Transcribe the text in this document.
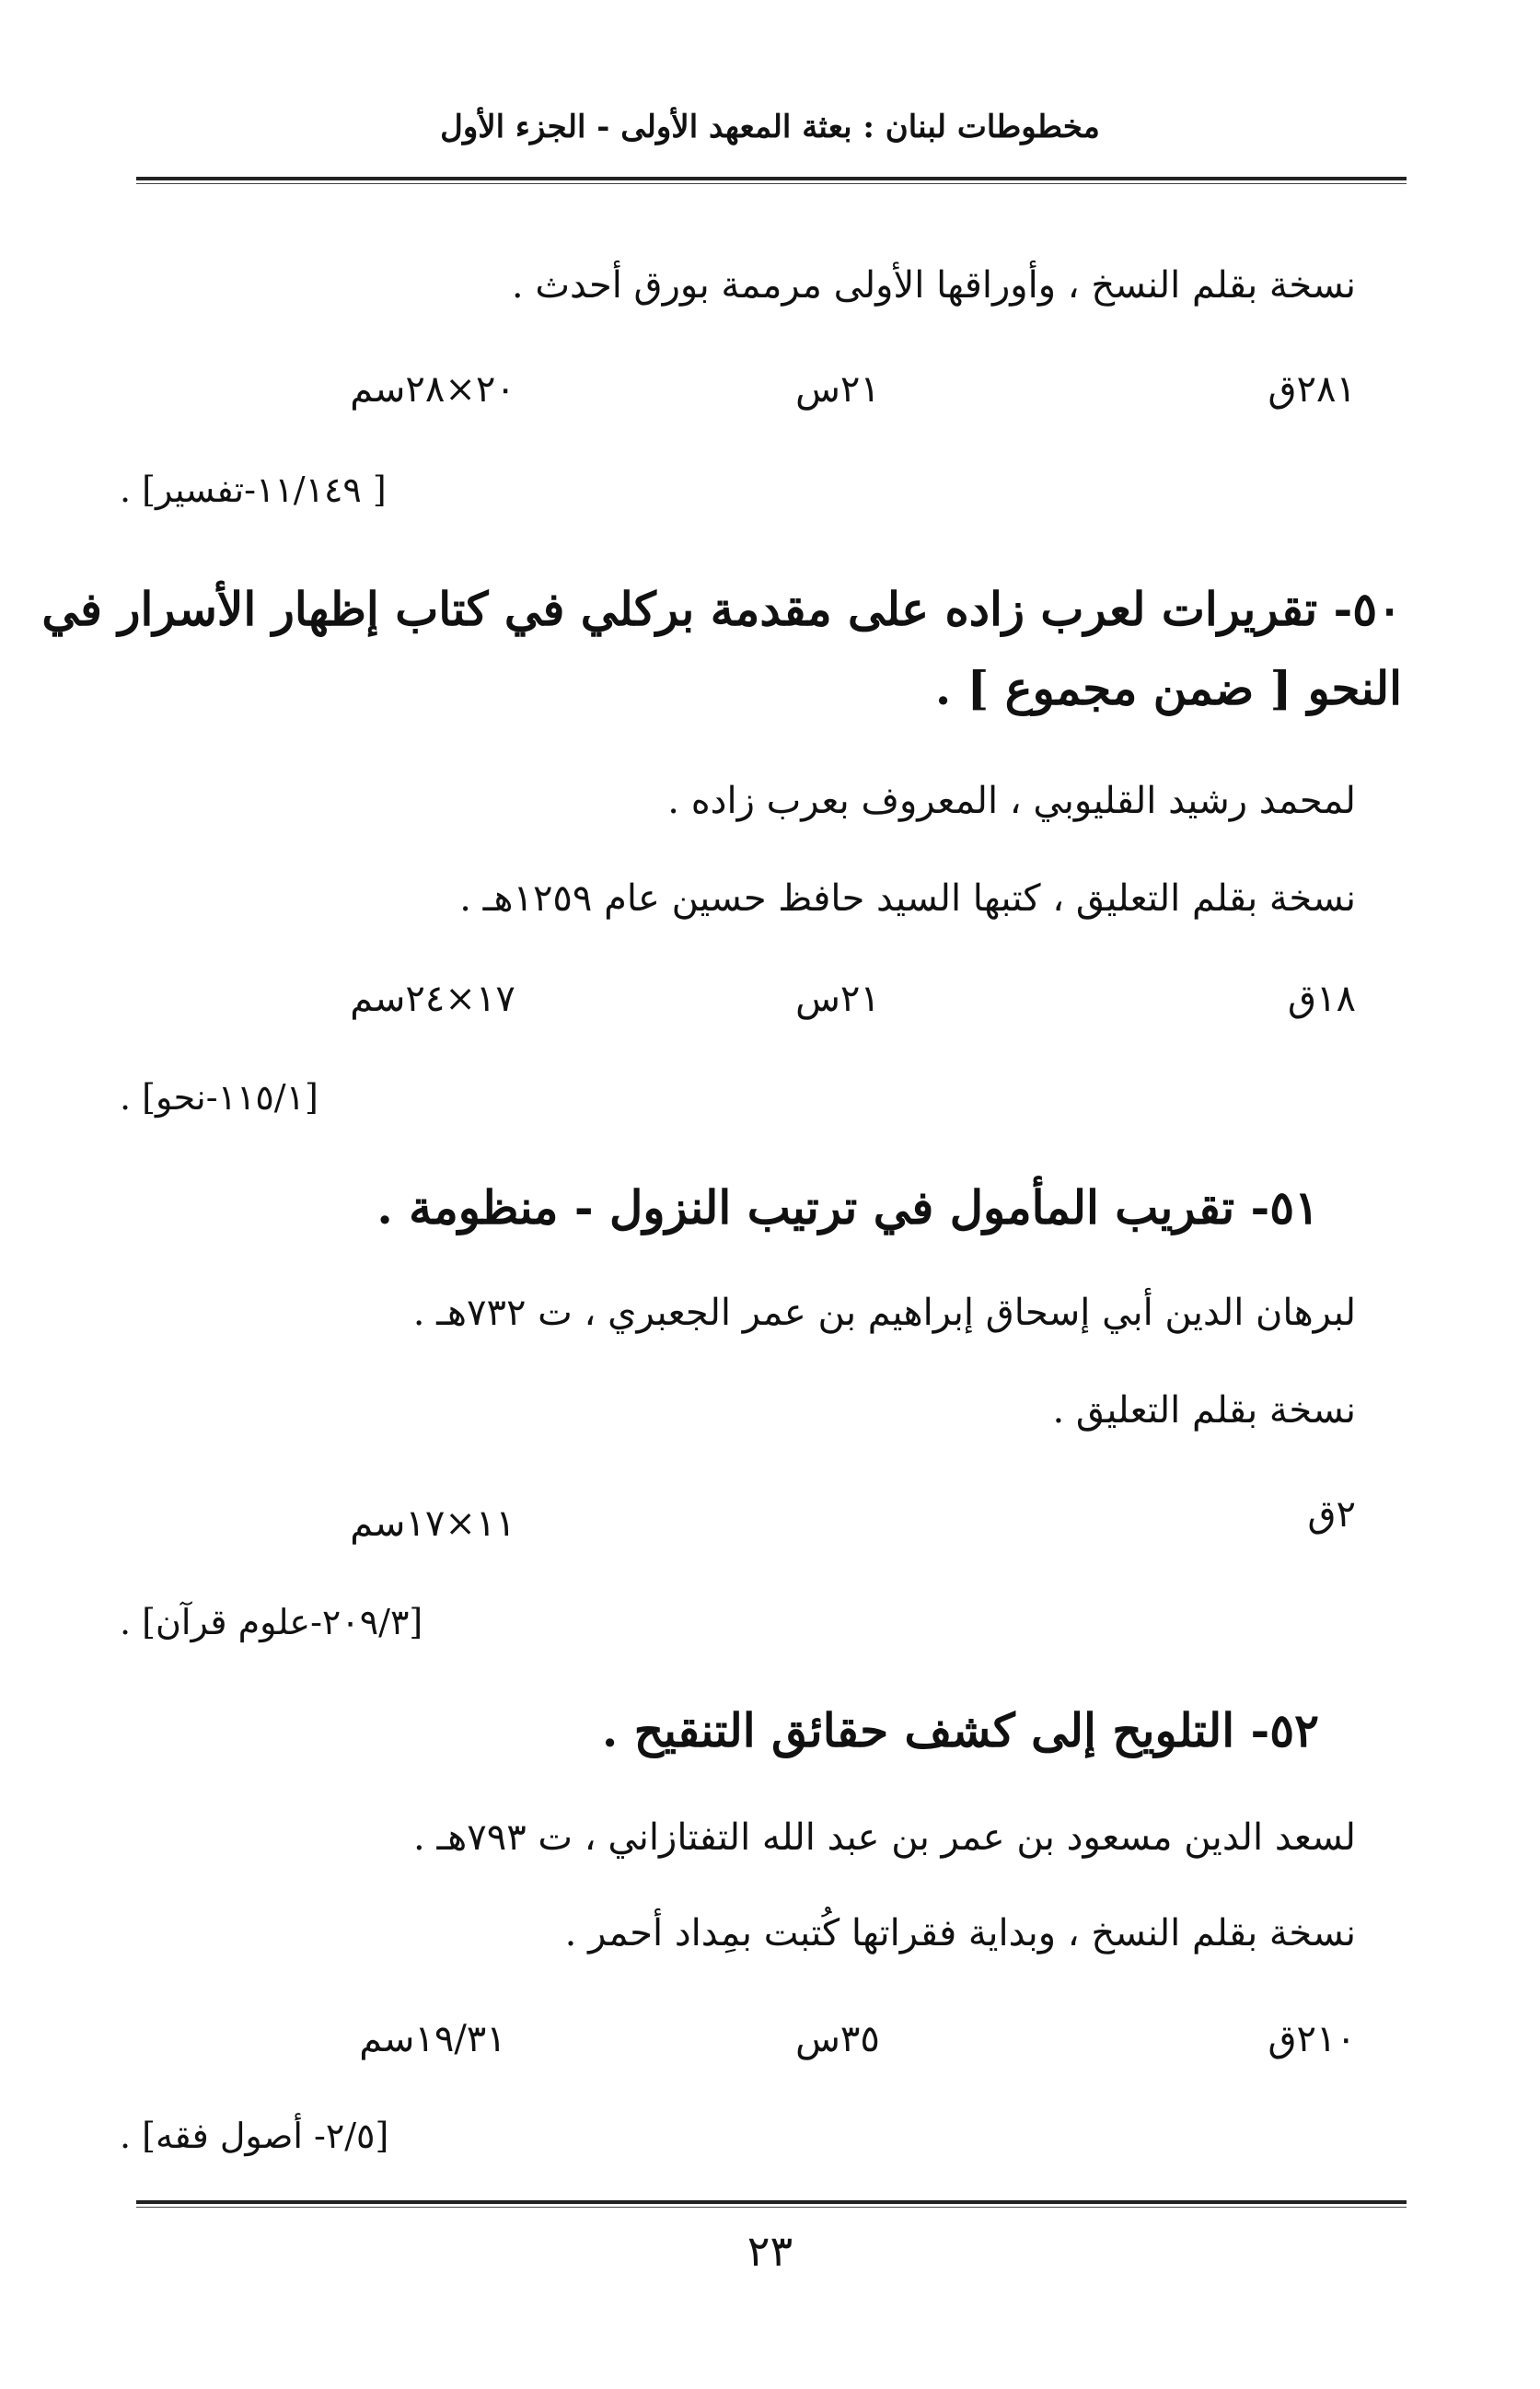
مخطوطات لبنان : بعثة المعهد الأولى - الجزء الأول
نسخة بقلم النسخ ، وأوراقها الأولى مرممة بورق أحدث .
٢٨١ق
٢١س
٢٠×٢٨سم
[ ١١/١٤٩-تفسير] .
٥٠- تقريرات لعرب زاده على مقدمة بركلي في كتاب إظهار الأسرار في
النحو [ ضمن مجموع ] .
لمحمد رشيد القليوبي ، المعروف بعرب زاده .
نسخة بقلم التعليق ، كتبها السيد حافظ حسين عام ١٢٥٩هـ .
١٨ق
٢١س
١٧×٢٤سم
[١١٥/١-نحو] .
٥١- تقريب المأمول في ترتيب النزول - منظومة .
لبرهان الدين أبي إسحاق إبراهيم بن عمر الجعبري ، ت ٧٣٢هـ .
نسخة بقلم التعليق .
٢ق
١١×١٧سم
[٢٠٩/٣-علوم قرآن] .
٥٢- التلويح إلى كشف حقائق التنقيح .
لسعد الدين مسعود بن عمر بن عبد الله التفتازاني ، ت ٧٩٣هـ .
نسخة بقلم النسخ ، وبداية فقراتها كُتبت بمِداد أحمر .
٢١٠ق
٣٥س
١٩/٣١سم
[٢/٥- أصول فقه] .
٢٣
